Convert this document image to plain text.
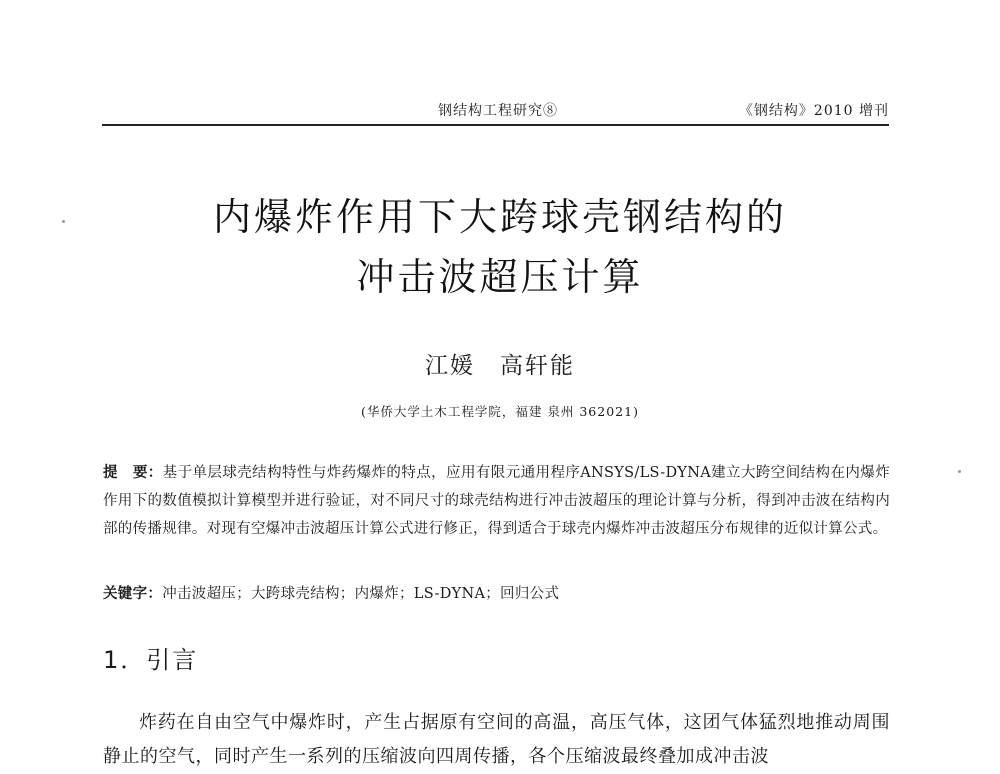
钢结构工程研究⑧	《钢结构》2010 增刊
内爆炸作用下大跨球壳钢结构的
冲击波超压计算
江媛　高轩能
(华侨大学土木工程学院，福建 泉州 362021)
提　要：基于单层球壳结构特性与炸药爆炸的特点，应用有限元通用程序ANSYS/LS-DYNA建立大跨空间结构在内爆炸作用下的数值模拟计算模型并进行验证，对不同尺寸的球壳结构进行冲击波超压的理论计算与分析，得到冲击波在结构内部的传播规律。对现有空爆冲击波超压计算公式进行修正，得到适合于球壳内爆炸冲击波超压分布规律的近似计算公式。
关键字：冲击波超压；大跨球壳结构；内爆炸；LS-DYNA；回归公式
1．引言
炸药在自由空气中爆炸时，产生占据原有空间的高温，高压气体，这团气体猛烈地推动周围静止的空气，同时产生一系列的压缩波向四周传播，各个压缩波最终叠加成冲击波
